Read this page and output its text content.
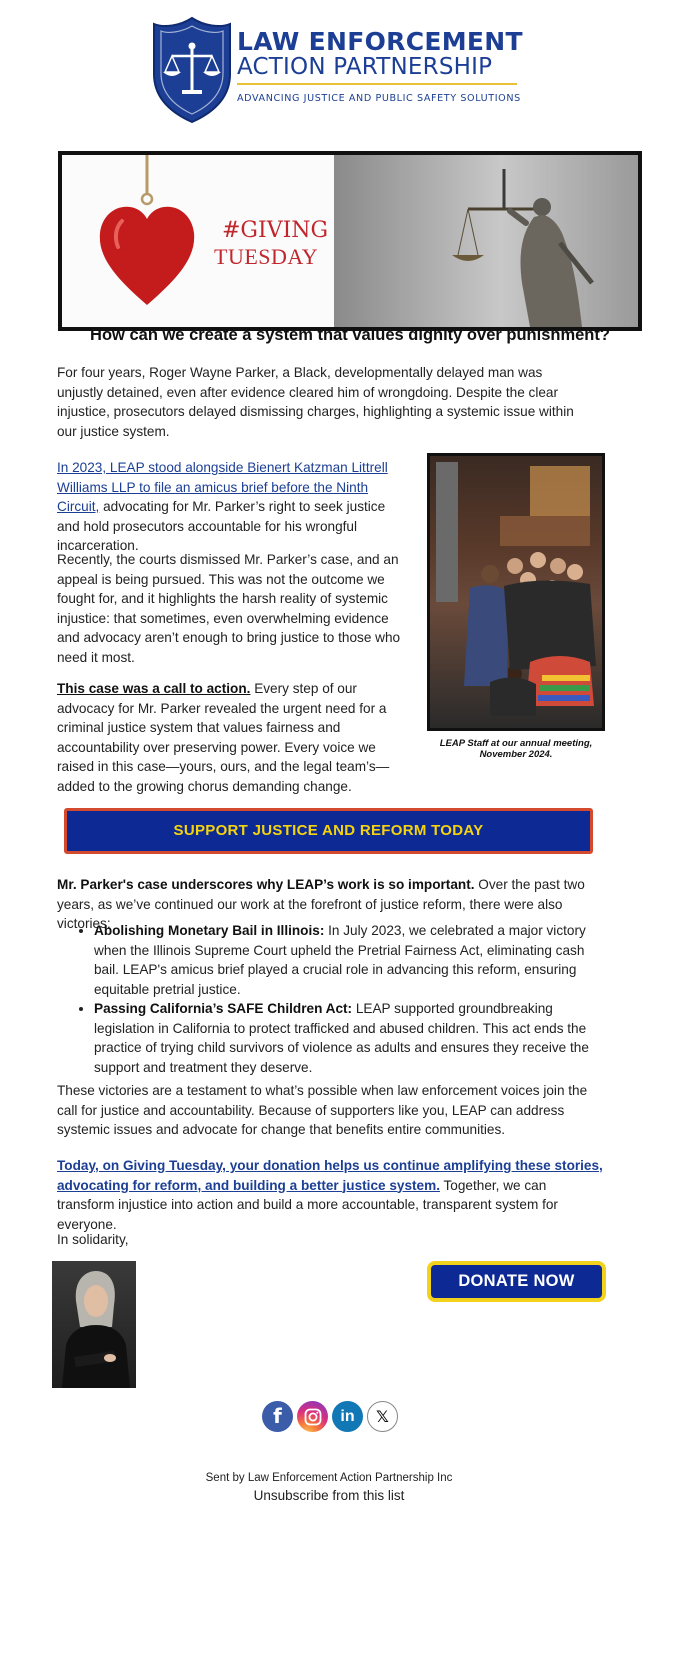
LAW ENFORCEMENT
ACTION PARTNERSHIP
ADVANCING JUSTICE AND PUBLIC SAFETY SOLUTIONS
#GIVING
TUESDAY
How can we create a system that values dignity over punishment?

For four years, Roger Wayne Parker, a Black, developmentally delayed man was unjustly detained, even after evidence cleared him of wrongdoing. Despite the clear injustice, prosecutors delayed dismissing charges, highlighting a systemic issue within our justice system.

In 2023, LEAP stood alongside Bienert Katzman Littrell Williams LLP to file an amicus brief before the Ninth Circuit, advocating for Mr. Parker’s right to seek justice and hold prosecutors accountable for his wrongful incarceration.

Recently, the courts dismissed Mr. Parker’s case, and an appeal is being pursued. This was not the outcome we fought for, and it highlights the harsh reality of systemic injustice: that sometimes, even overwhelming evidence and advocacy aren’t enough to bring justice to those who need it most.

This case was a call to action. Every step of our advocacy for Mr. Parker revealed the urgent need for a criminal justice system that values fairness and accountability over preserving power. Every voice we raised in this case—yours, ours, and the legal team’s—added to the growing chorus demanding change.

LEAP Staff at our annual meeting, November 2024.
SUPPORT JUSTICE AND REFORM TODAY

Mr. Parker's case underscores why LEAP’s work is so important. Over the past two years, as we’ve continued our work at the forefront of justice reform, there were also victories:

• Abolishing Monetary Bail in Illinois: In July 2023, we celebrated a major victory when the Illinois Supreme Court upheld the Pretrial Fairness Act, eliminating cash bail. LEAP's amicus brief played a crucial role in advancing this reform, ensuring equitable pretrial justice.
• Passing California’s SAFE Children Act: LEAP supported groundbreaking legislation in California to protect trafficked and abused children. This act ends the practice of trying child survivors of violence as adults and ensures they receive the support and treatment they deserve.

These victories are a testament to what’s possible when law enforcement voices join the call for justice and accountability. Because of supporters like you, LEAP can address systemic issues and advocate for change that benefits entire communities.

Today, on Giving Tuesday, your donation helps us continue amplifying these stories, advocating for reform, and building a better justice system. Together, we can transform injustice into action and build a more accountable, transparent system for everyone.

In solidarity,

DONATE NOW
f	in 𝕏
Sent by Law Enforcement Action Partnership Inc
Unsubscribe from this list
